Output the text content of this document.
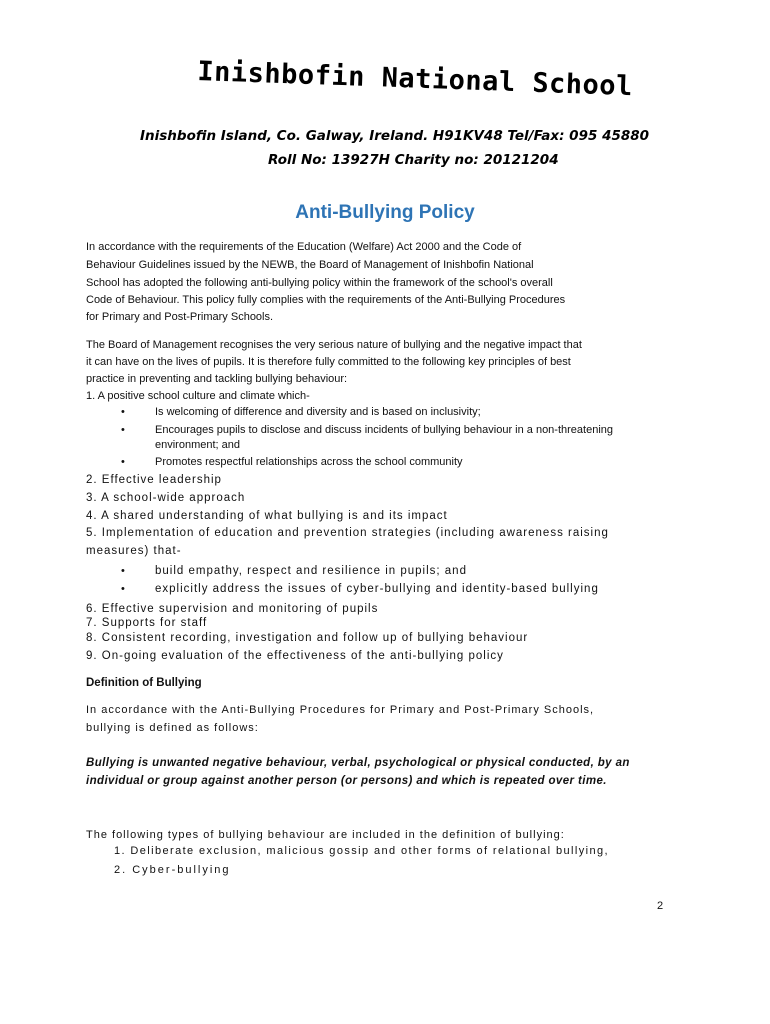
Inishbofin National School
Inishbofin Island, Co. Galway, Ireland. H91KV48 Tel/Fax: 095 45880
Roll No: 13927H Charity no: 20121204
Anti-Bullying Policy
In accordance with the requirements of the Education (Welfare) Act 2000 and the Code of
Behaviour Guidelines issued by the NEWB, the Board of Management of Inishbofin National
School has adopted the following anti-bullying policy within the framework of the school's overall
Code of Behaviour. This policy fully complies with the requirements of the Anti-Bullying Procedures
for Primary and Post-Primary Schools.
The Board of Management recognises the very serious nature of bullying and the negative impact that
it can have on the lives of pupils. It is therefore fully committed to the following key principles of best
practice in preventing and tackling bullying behaviour:
1. A positive school culture and climate which-
•	Is welcoming of difference and diversity and is based on inclusivity;
•	Encourages pupils to disclose and discuss incidents of bullying behaviour in a non-threatening
environment; and
•	Promotes respectful relationships across the school community
2. Effective leadership
3. A school-wide approach
4. A shared understanding of what bullying is and its impact
5. Implementation of education and prevention strategies (including awareness raising
measures) that-
•	build empathy, respect and resilience in pupils; and
•	explicitly address the issues of cyber-bullying and identity-based bullying
6. Effective supervision and monitoring of pupils
7. Supports for staff
8. Consistent recording, investigation and follow up of bullying behaviour
9. On-going evaluation of the effectiveness of the anti-bullying policy
Definition of Bullying
In accordance with the Anti-Bullying Procedures for Primary and Post-Primary Schools,
bullying is defined as follows:
Bullying is unwanted negative behaviour, verbal, psychological or physical conducted, by an individual or group against another person (or persons) and which is repeated over time.
The following types of bullying behaviour are included in the definition of bullying:
1. Deliberate exclusion, malicious gossip and other forms of relational bullying,
2. Cyber-bullying
2
